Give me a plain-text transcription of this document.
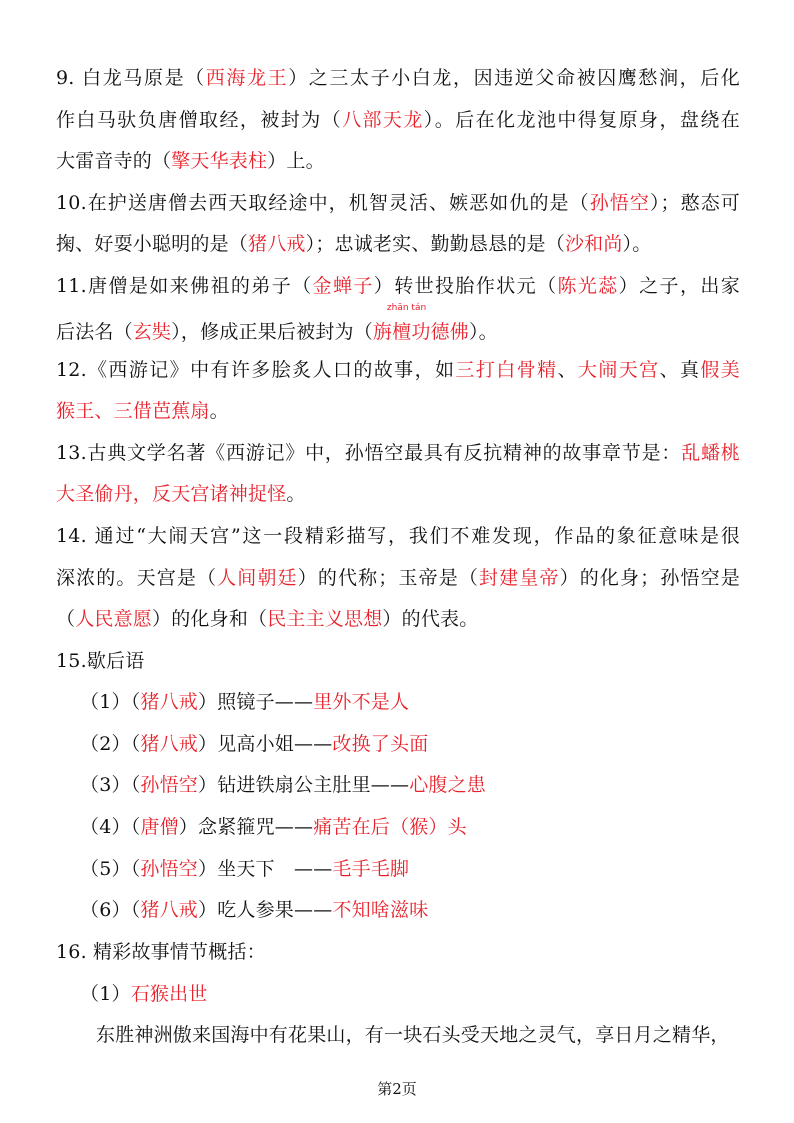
9. 白龙马原是（西海龙王）之三太子小白龙，因违逆父命被囚鹰愁涧，后化
作白马驮负唐僧取经，被封为（八部天龙）。后在化龙池中得复原身，盘绕在
大雷音寺的（擎天华表柱）上。
10.在护送唐僧去西天取经途中，机智灵活、嫉恶如仇的是（孙悟空）；憨态可
掬、好耍小聪明的是（猪八戒）；忠诚老实、勤勤恳恳的是（沙和尚）。
11.唐僧是如来佛祖的弟子（金蝉子）转世投胎作状元（陈光蕊）之子，出家
后法名（玄奘），修成正果后被封为（
zhān tán
旃檀功德佛）。
12.《西游记》中有许多脍炙人口的故事，如三打白骨精、大闹天宫、真假美
猴王、三借芭蕉扇。
13.古典文学名著《西游记》中，孙悟空最具有反抗精神的故事章节是：乱蟠桃
大圣偷丹，反天宫诸神捉怪。
14. 通过“大闹天宫”这一段精彩描写，我们不难发现，作品的象征意味是很
深浓的。天宫是（人间朝廷）的代称；玉帝是（封建皇帝）的化身；孙悟空是
（人民意愿）的化身和（民主主义思想）的代表。
15.歇后语
（1）（猪八戒）照镜子——里外不是人
（2）（猪八戒）见高小姐——改换了头面
（3）（孙悟空）钻进铁扇公主肚里——心腹之患
（4）（唐僧）念紧箍咒——痛苦在后（猴）头
（5）（孙悟空）坐天下　——毛手毛脚
（6）（猪八戒）吃人参果——不知啥滋味
16. 精彩故事情节概括：
（1）石猴出世
东胜神洲傲来国海中有花果山，有一块石头受天地之灵气，享日月之精华，
第2页
